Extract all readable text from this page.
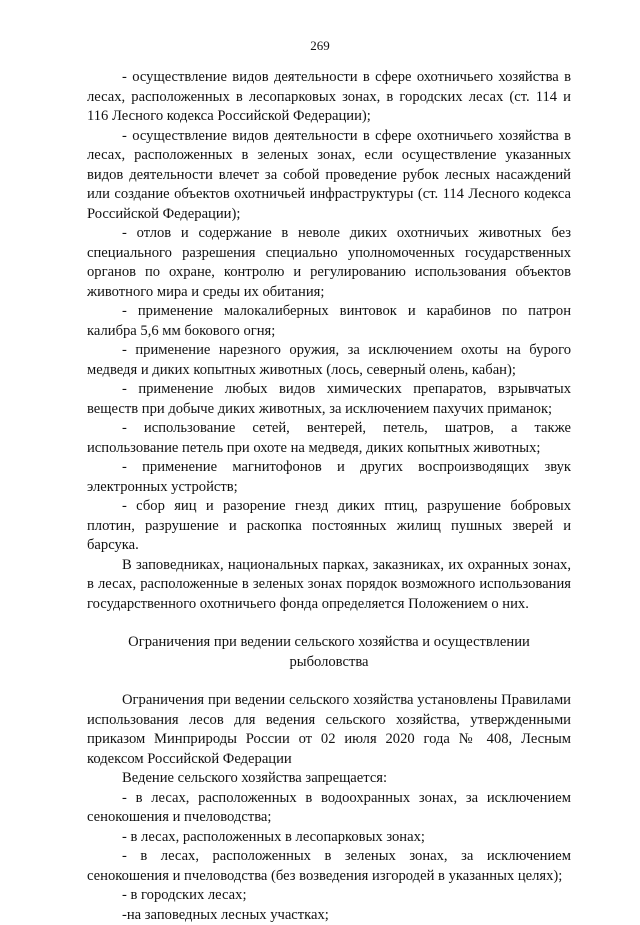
269

- осуществление видов деятельности в сфере охотничьего хозяйства в лесах, расположенных в лесопарковых зонах, в городских лесах (ст. 114 и 116 Лесного кодекса Российской Федерации);

- осуществление видов деятельности в сфере охотничьего хозяйства в лесах, расположенных в зеленых зонах, если осуществление указанных видов деятельности влечет за собой проведение рубок лесных насаждений или создание объектов охотничьей инфраструктуры (ст. 114 Лесного кодекса Российской Федерации);

- отлов и содержание в неволе диких охотничьих животных без специального разрешения специально уполномоченных государственных органов по охране, контролю и регулированию использования объектов животного мира и среды их обитания;

- применение малокалиберных винтовок и карабинов по патрон калибра 5,6 мм бокового огня;

- применение нарезного оружия, за исключением охоты на бурого медведя и диких копытных животных (лось, северный олень, кабан);

- применение любых видов химических препаратов, взрывчатых веществ при добыче диких животных, за исключением пахучих приманок;

- использование сетей, вентерей, петель, шатров, а также использование петель при охоте на медведя, диких копытных животных;

- применение магнитофонов и других воспроизводящих звук электронных устройств;

- сбор яиц и разорение гнезд диких птиц, разрушение бобровых плотин, разрушение и раскопка постоянных жилищ пушных зверей и барсука.

В заповедниках, национальных парках, заказниках, их охранных зонах, в лесах, расположенные в зеленых зонах порядок возможного использования государственного охотничьего фонда определяется Положением о них.

Ограничения при ведении сельского хозяйства и осуществлении рыболовства

Ограничения при ведении сельского хозяйства установлены Правилами использования лесов для ведения сельского хозяйства, утвержденными приказом Минприроды России от 02 июля 2020 года № 408, Лесным кодексом Российской Федерации

Ведение сельского хозяйства запрещается:

- в лесах, расположенных в водоохранных зонах, за исключением сенокошения и пчеловодства;

- в лесах, расположенных в лесопарковых зонах;

- в лесах, расположенных в зеленых зонах, за исключением сенокошения и пчеловодства (без возведения изгородей в указанных целях);

- в городских лесах;

-на заповедных лесных участках;
